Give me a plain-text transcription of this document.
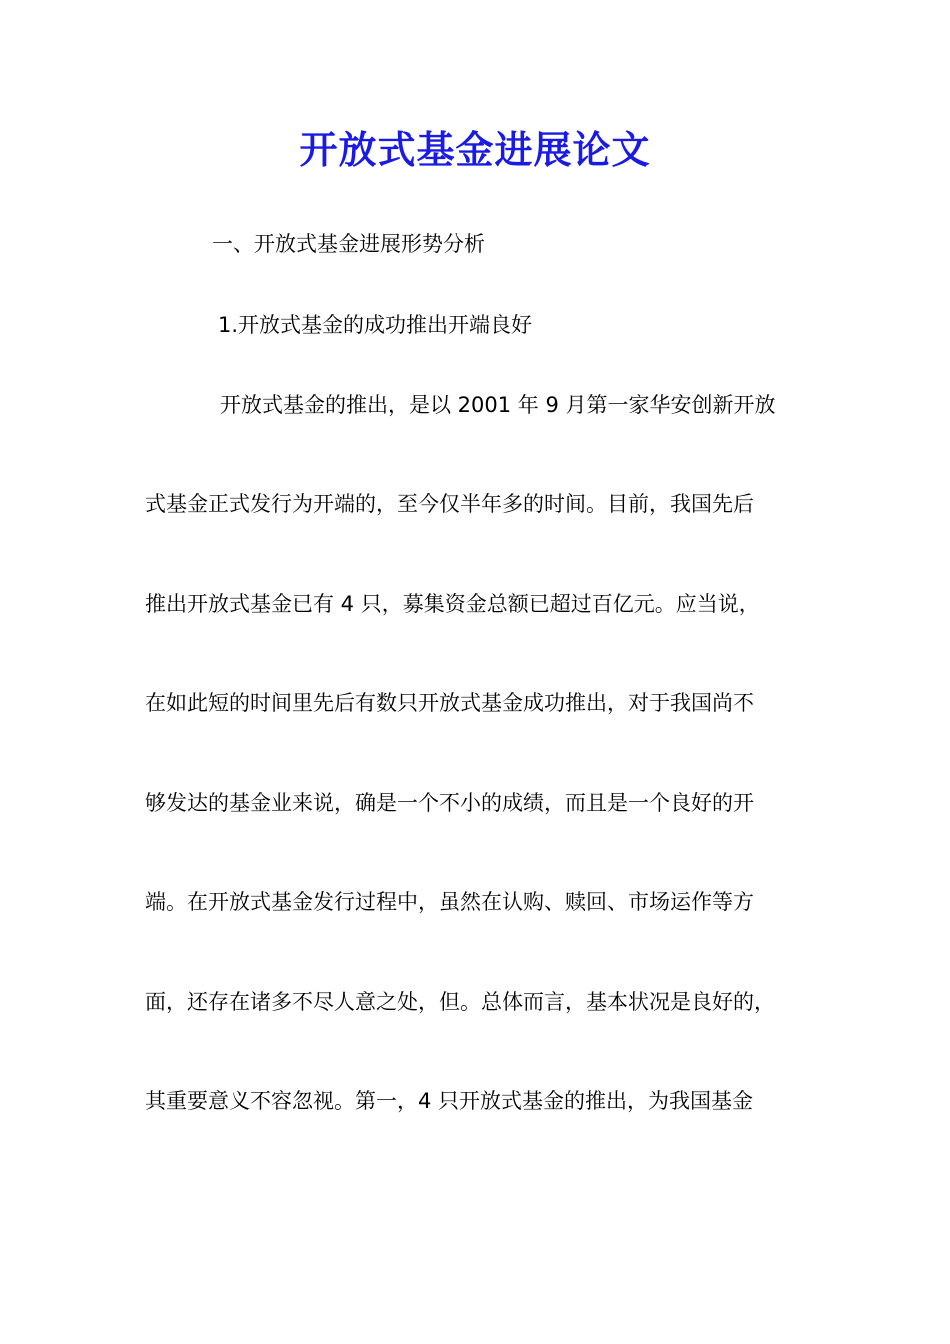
开放式基金进展论文
一、开放式基金进展形势分析
1.开放式基金的成功推出开端良好
开放式基金的推出，是以 2001 年 9 月第一家华安创新开放
式基金正式发行为开端的，至今仅半年多的时间。目前，我国先后
推出开放式基金已有 4 只，募集资金总额已超过百亿元。应当说，
在如此短的时间里先后有数只开放式基金成功推出，对于我国尚不
够发达的基金业来说，确是一个不小的成绩，而且是一个良好的开
端。在开放式基金发行过程中，虽然在认购、赎回、市场运作等方
面，还存在诸多不尽人意之处，但。总体而言，基本状况是良好的，
其重要意义不容忽视。第一，4 只开放式基金的推出，为我国基金
